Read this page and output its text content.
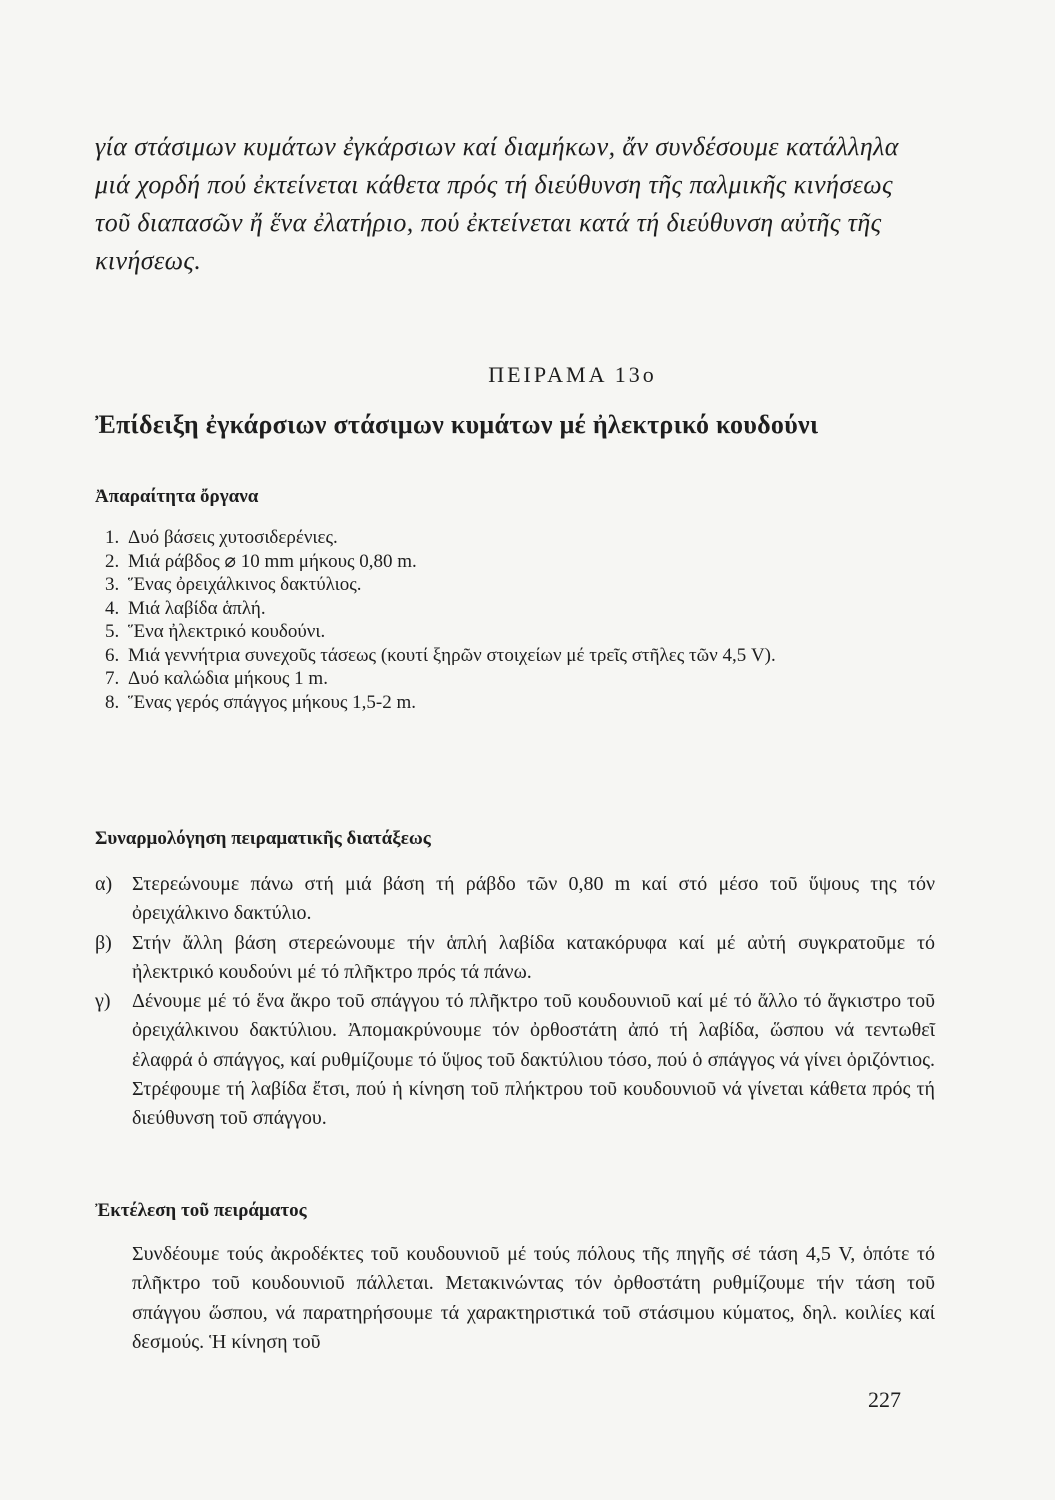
γία στάσιμων κυμάτων ἐγκάρσιων καί διαμήκων, ἄν συνδέσουμε κατάλληλα μιά χορδή πού ἐκτείνεται κάθετα πρός τή διεύθυνση τῆς παλμικῆς κινήσεως τοῦ διαπασῶν ἤ ἕνα ἐλατήριο, πού ἐκτείνεται κατά τή διεύθυνση αὐτῆς τῆς κινήσεως.
ΠΕΙΡΑΜΑ 13ο
Ἐπίδειξη ἐγκάρσιων στάσιμων κυμάτων μέ ἠλεκτρικό κουδούνι
Ἀπαραίτητα ὄργανα
1. Δυό βάσεις χυτοσιδερένιες.
2. Μιά ράβδος ⌀ 10 mm μήκους 0,80 m.
3. Ἕνας ὀρειχάλκινος δακτύλιος.
4. Μιά λαβίδα ἁπλή.
5. Ἕνα ἠλεκτρικό κουδούνι.
6. Μιά γεννήτρια συνεχοῦς τάσεως (κουτί ξηρῶν στοιχείων μέ τρεῖς στῆλες τῶν 4,5 V).
7. Δυό καλώδια μήκους 1 m.
8. Ἕνας γερός σπάγγος μήκους 1,5-2 m.
Συναρμολόγηση πειραματικῆς διατάξεως
α) Στερεώνουμε πάνω στή μιά βάση τή ράβδο τῶν 0,80 m καί στό μέσο τοῦ ὕψους της τόν ὀρειχάλκινο δακτύλιο.
β)	Στήν ἄλλη βάση στερεώνουμε τήν ἁπλή λαβίδα κατακόρυφα καί μέ αὐτή συγκρατοῦμε τό ἠλεκτρικό κουδούνι μέ τό πλῆκτρο πρός τά πάνω.
γ)	Δένουμε μέ τό ἕνα ἄκρο τοῦ σπάγγου τό πλῆκτρο τοῦ κουδουνιοῦ καί μέ τό ἄλλο τό ἄγκιστρο τοῦ ὀρειχάλκινου δακτύλιου. Ἀπομακρύνουμε τόν ὀρθοστάτη ἀπό τή λαβίδα, ὥσπου νά τεντωθεῖ ἐλαφρά ὁ σπάγγος, καί ρυθμίζουμε τό ὕψος τοῦ δακτύλιου τόσο, πού ὁ σπάγγος νά γίνει ὁριζόντιος. Στρέφουμε τή λαβίδα ἔτσι, πού ἡ κίνηση τοῦ πλήκτρου τοῦ κουδουνιοῦ νά γίνεται κάθετα πρός τή διεύθυνση τοῦ σπάγγου.
Ἐκτέλεση τοῦ πειράματος
Συνδέουμε τούς ἀκροδέκτες τοῦ κουδουνιοῦ μέ τούς πόλους τῆς πηγῆς σέ τάση 4,5 V, ὁπότε τό πλῆκτρο τοῦ κουδουνιοῦ πάλλεται. Μετακινώντας τόν ὀρθοστάτη ρυθμίζουμε τήν τάση τοῦ σπάγγου ὥσπου, νά παρατηρήσουμε τά χαρακτηριστικά τοῦ στάσιμου κύματος, δηλ. κοιλίες καί δεσμούς. Ἡ κίνηση τοῦ
227
